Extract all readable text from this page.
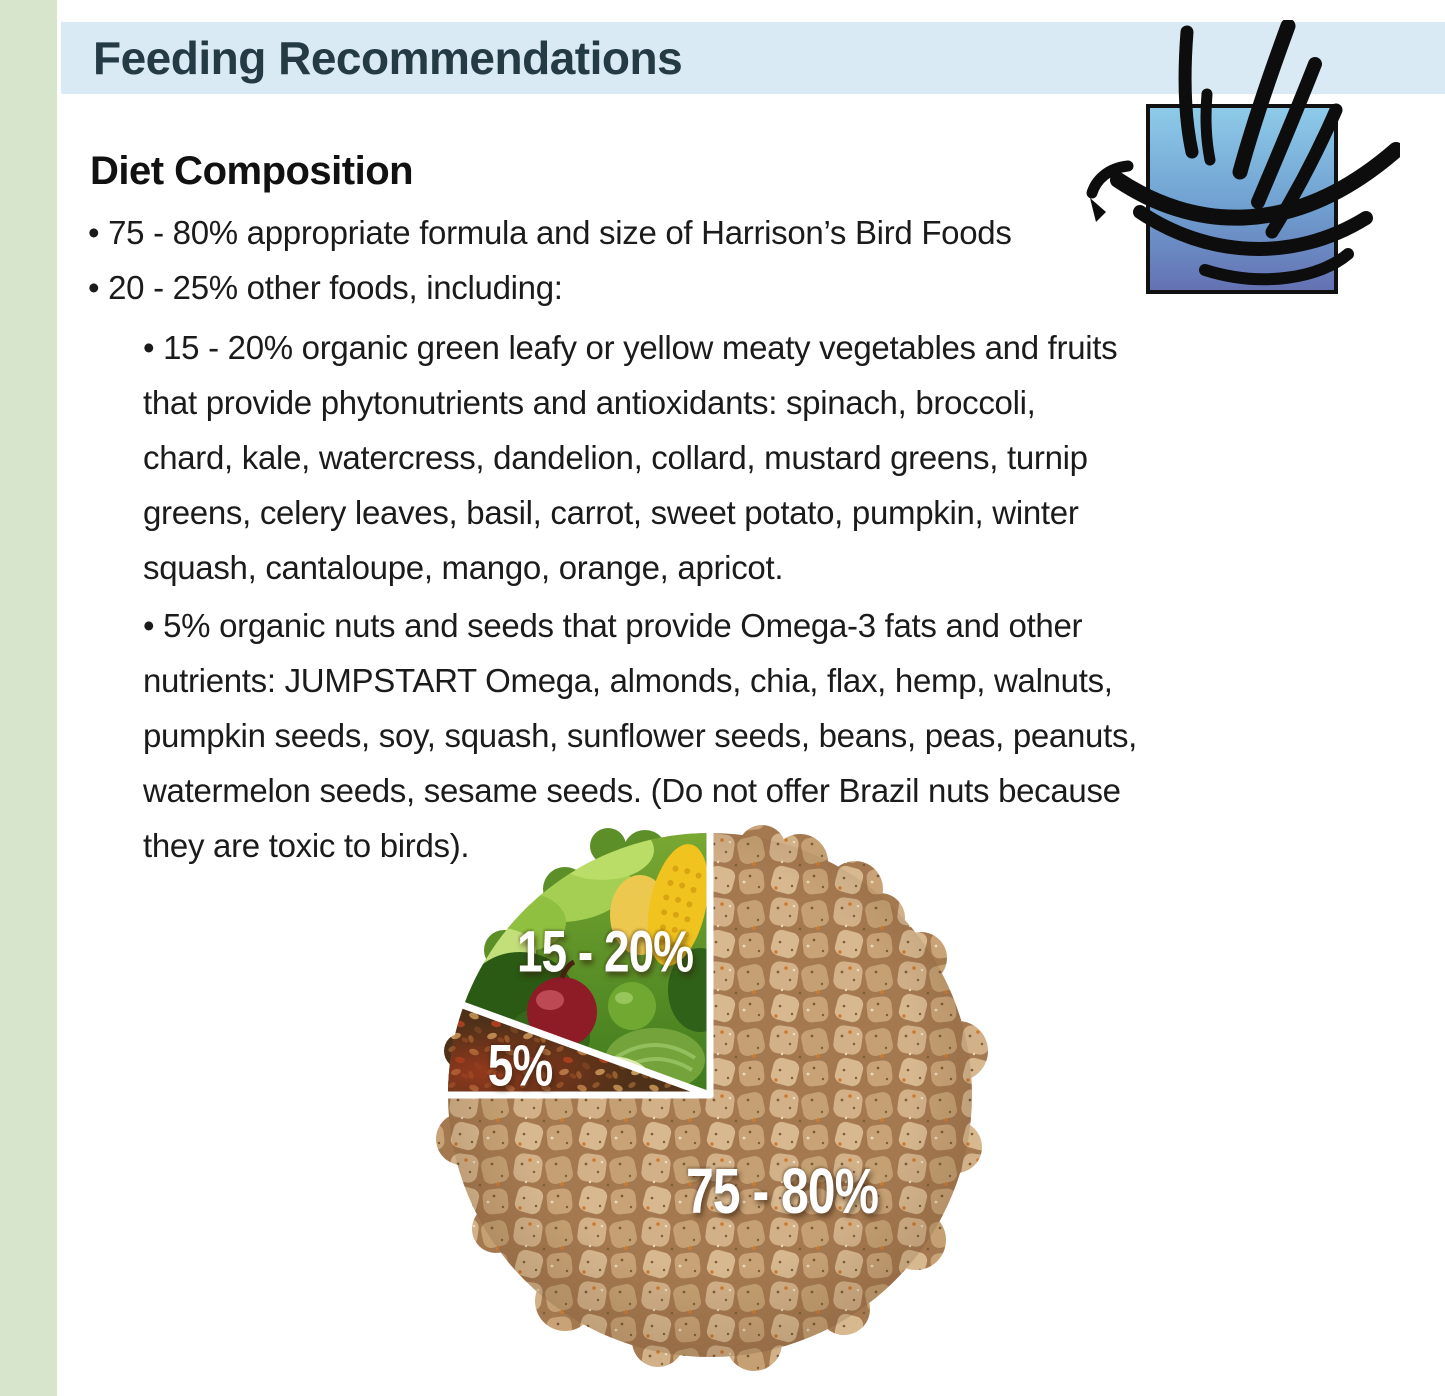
Feeding Recommendations
Diet Composition
• 75 - 80% appropriate formula and size of Harrison’s Bird Foods
• 20 - 25% other foods, including:
• 15 - 20% organic green leafy or yellow meaty vegetables and fruits
that provide phytonutrients and antioxidants: spinach, broccoli,
chard, kale, watercress, dandelion, collard, mustard greens, turnip
greens, celery leaves, basil, carrot, sweet potato, pumpkin, winter
squash, cantaloupe, mango, orange, apricot.
• 5% organic nuts and seeds that provide Omega-3 fats and other
nutrients: JUMPSTART Omega, almonds, chia, flax, hemp, walnuts,
pumpkin seeds, soy, squash, sunflower seeds, beans, peas, peanuts,
watermelon seeds, sesame seeds. (Do not offer Brazil nuts because
they are toxic to birds).
15 - 20%
5%
75 - 80%
